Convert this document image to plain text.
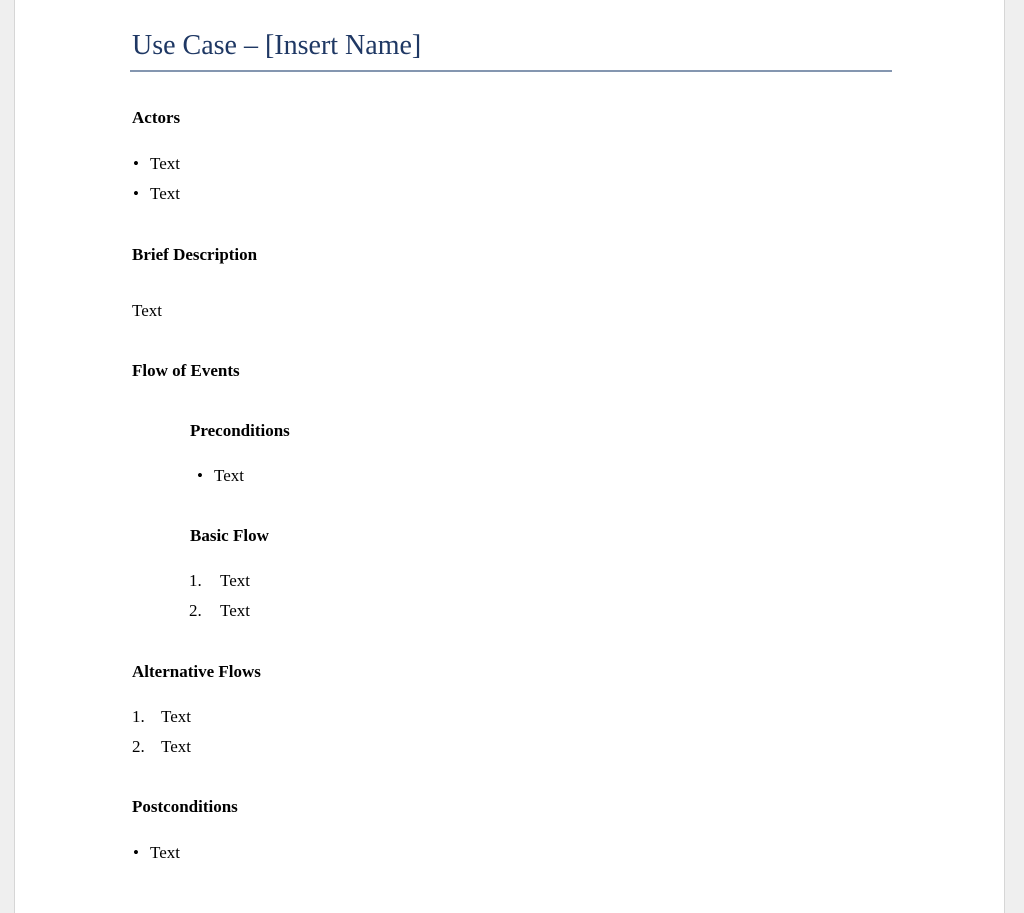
Use Case – [Insert Name]
Actors
• Text
• Text
Brief Description
Text
Flow of Events
Preconditions
• Text
Basic Flow
1. Text
2. Text
Alternative Flows
1. Text
2. Text
Postconditions
• Text
